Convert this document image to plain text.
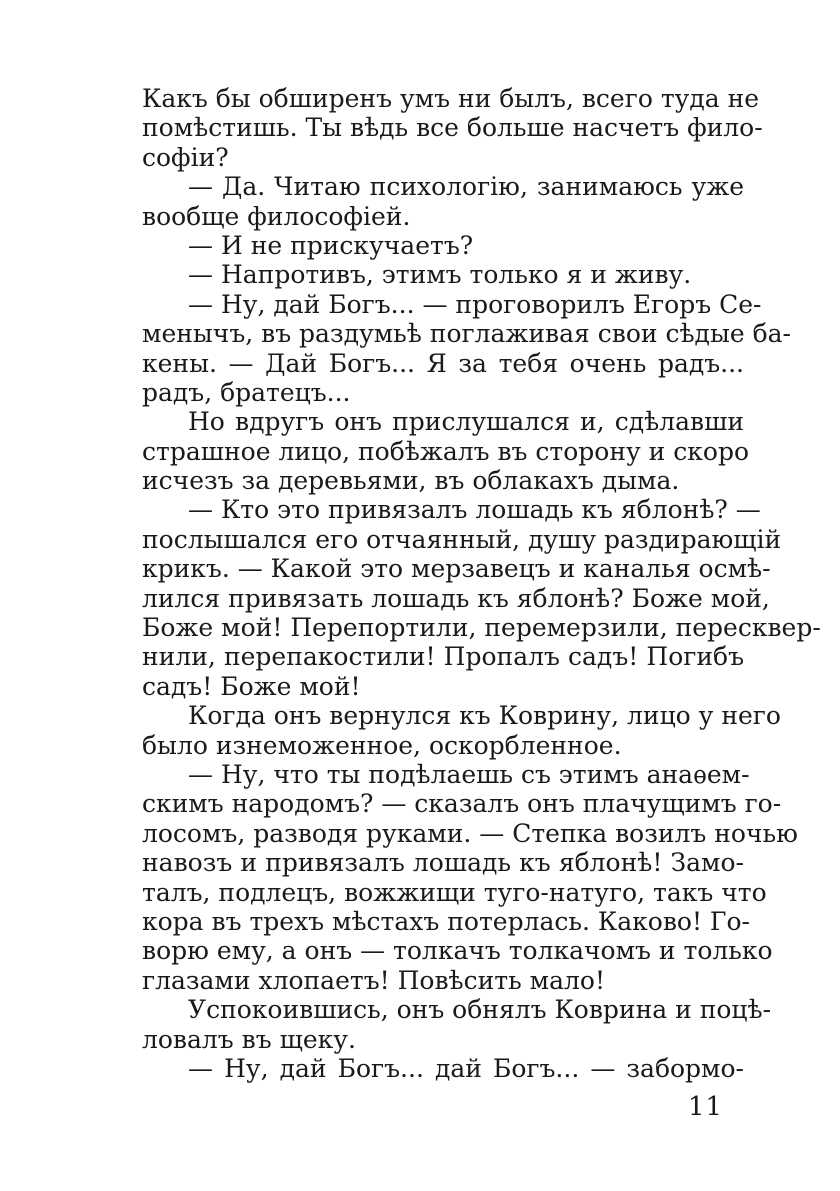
Какъ бы обширенъ умъ ни былъ, всего туда не
помѣстишь. Ты вѣдь все больше насчетъ фило-
софіи?
— Да. Читаю психологію, занимаюсь уже
вообще философіей.
— И не прискучаетъ?
— Напротивъ, этимъ только я и живу.
— Ну, дай Богъ... — проговорилъ Егоръ Се-
менычъ, въ раздумьѣ поглаживая свои сѣдые ба-
кены. — Дай Богъ... Я за тебя очень радъ...
радъ, братецъ...
Но вдругъ онъ прислушался и, сдѣлавши
страшное лицо, побѣжалъ въ сторону и скоро
исчезъ за деревьями, въ облакахъ дыма.
— Кто это привязалъ лошадь къ яблонѣ? —
послышался его отчаянный, душу раздирающій
крикъ. — Какой это мерзавецъ и каналья осмѣ-
лился привязать лошадь къ яблонѣ? Боже мой,
Боже мой! Перепортили, перемерзили, пересквер-
нили, перепакостили! Пропалъ садъ! Погибъ
садъ! Боже мой!
Когда онъ вернулся къ Коврину, лицо у него
было изнеможенное, оскорбленное.
— Ну, что ты подѣлаешь съ этимъ анаѳем-
скимъ народомъ? — сказалъ онъ плачущимъ го-
лосомъ, разводя руками. — Степка возилъ ночью
навозъ и привязалъ лошадь къ яблонѣ! Замо-
талъ, подлецъ, вожжищи туго-натуго, такъ что
кора въ трехъ мѣстахъ потерлась. Каково! Го-
ворю ему, а онъ — толкачъ толкачомъ и только
глазами хлопаетъ! Повѣсить мало!
Успокоившись, онъ обнялъ Коврина и поцѣ-
ловалъ въ щеку.
— Ну, дай Богъ... дай Богъ... — забормо-
11
